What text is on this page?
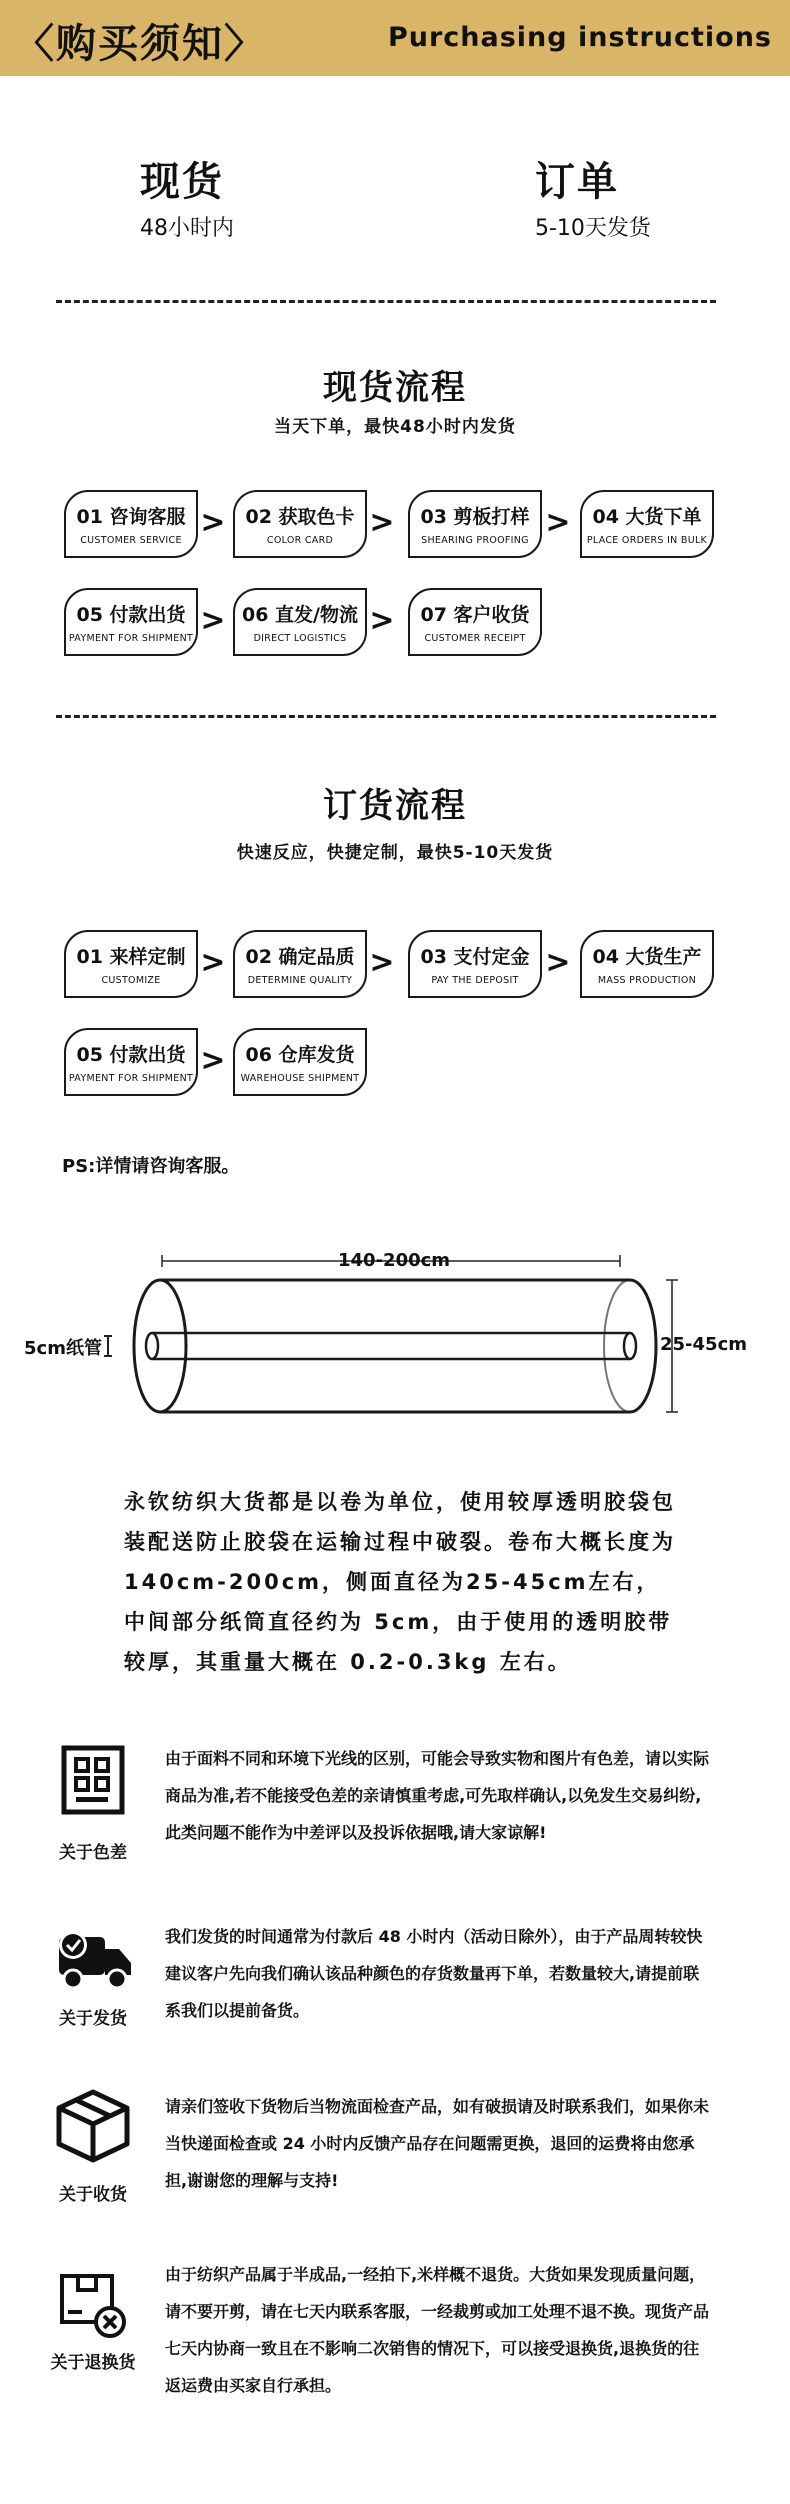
〈购买须知〉	Purchasing instructions
现货
48小时内
订单
5-10天发货
现货流程
当天下单，最快48小时内发货
01 咨询客服
CUSTOMER SERVICE
>	02 获取色卡
COLOR CARD
>	03 剪板打样
SHEARING PROOFING
>	04 大货下单
PLACE ORDERS IN BULK
05 付款出货
PAYMENT FOR SHIPMENT
> 06 直发/物流
DIRECT LOGISTICS
>	07 客户收货
CUSTOMER RECEIPT
订货流程
快速反应，快捷定制，最快5-10天发货
01 来样定制
CUSTOMIZE
>	02 确定品质
DETERMINE QUALITY
>	03 支付定金
PAY THE DEPOSIT
>	04 大货生产
MASS PRODUCTION
05 付款出货
PAYMENT FOR SHIPMENT
>	06 仓库发货
WAREHOUSE SHIPMENT
PS:详情请咨询客服。
140-200cm
5cm纸管	25-45cm
永钦纺织大货都是以卷为单位，使用较厚透明胶袋包装配送防止胶袋在运输过程中破裂。卷布大概长度为140cm-200cm，侧面直径为25-45cm左右，中间部分纸筒直径约为 5cm，由于使用的透明胶带较厚，其重量大概在 0.2-0.3kg 左右。
关于色差
由于面料不同和环境下光线的区别，可能会导致实物和图片有色差，请以实际商品为准,若不能接受色差的亲请慎重考虑,可先取样确认,以免发生交易纠纷,此类问题不能作为中差评以及投诉依据哦,请大家谅解!
关于发货
我们发货的时间通常为付款后 48 小时内（活动日除外），由于产品周转较快建议客户先向我们确认该品种颜色的存货数量再下单，若数量较大,请提前联系我们以提前备货。
关于收货
请亲们签收下货物后当物流面检查产品，如有破损请及时联系我们，如果你未当快递面检查或 24 小时内反馈产品存在问题需更换，退回的运费将由您承担,谢谢您的理解与支持!
关于退换货
由于纺织产品属于半成品,一经拍下,米样概不退货。大货如果发现质量问题，请不要开剪，请在七天内联系客服，一经裁剪或加工处理不退不换。现货产品七天内协商一致且在不影响二次销售的情况下，可以接受退换货,退换货的往返运费由买家自行承担。
